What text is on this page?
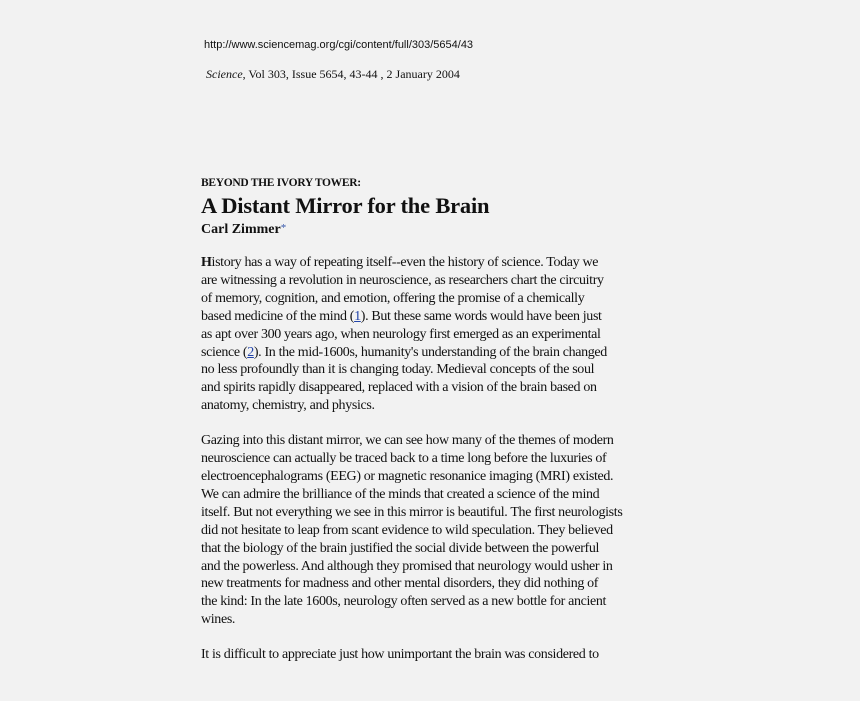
http://www.sciencemag.org/cgi/content/full/303/5654/43
Science, Vol 303, Issue 5654, 43-44 , 2 January 2004

BEYOND THE IVORY TOWER:

A Distant Mirror for the Brain

Carl Zimmer*

History has a way of repeating itself--even the history of science. Today we
are witnessing a revolution in neuroscience, as researchers chart the circuitry
of memory, cognition, and emotion, offering the promise of a chemically
based medicine of the mind (1). But these same words would have been just
as apt over 300 years ago, when neurology first emerged as an experimental
science (2). In the mid-1600s, humanity's understanding of the brain changed
no less profoundly than it is changing today. Medieval concepts of the soul
and spirits rapidly disappeared, replaced with a vision of the brain based on
anatomy, chemistry, and physics.

Gazing into this distant mirror, we can see how many of the themes of modern
neuroscience can actually be traced back to a time long before the luxuries of
electroencephalograms (EEG) or magnetic resonanice imaging (MRI) existed.
We can admire the brilliance of the minds that created a science of the mind
itself. But not everything we see in this mirror is beautiful. The first neurologists
did not hesitate to leap from scant evidence to wild speculation. They believed
that the biology of the brain justified the social divide between the powerful
and the powerless. And although they promised that neurology would usher in
new treatments for madness and other mental disorders, they did nothing of
the kind: In the late 1600s, neurology often served as a new bottle for ancient
wines.

It is difficult to appreciate just how unimportant the brain was considered to
